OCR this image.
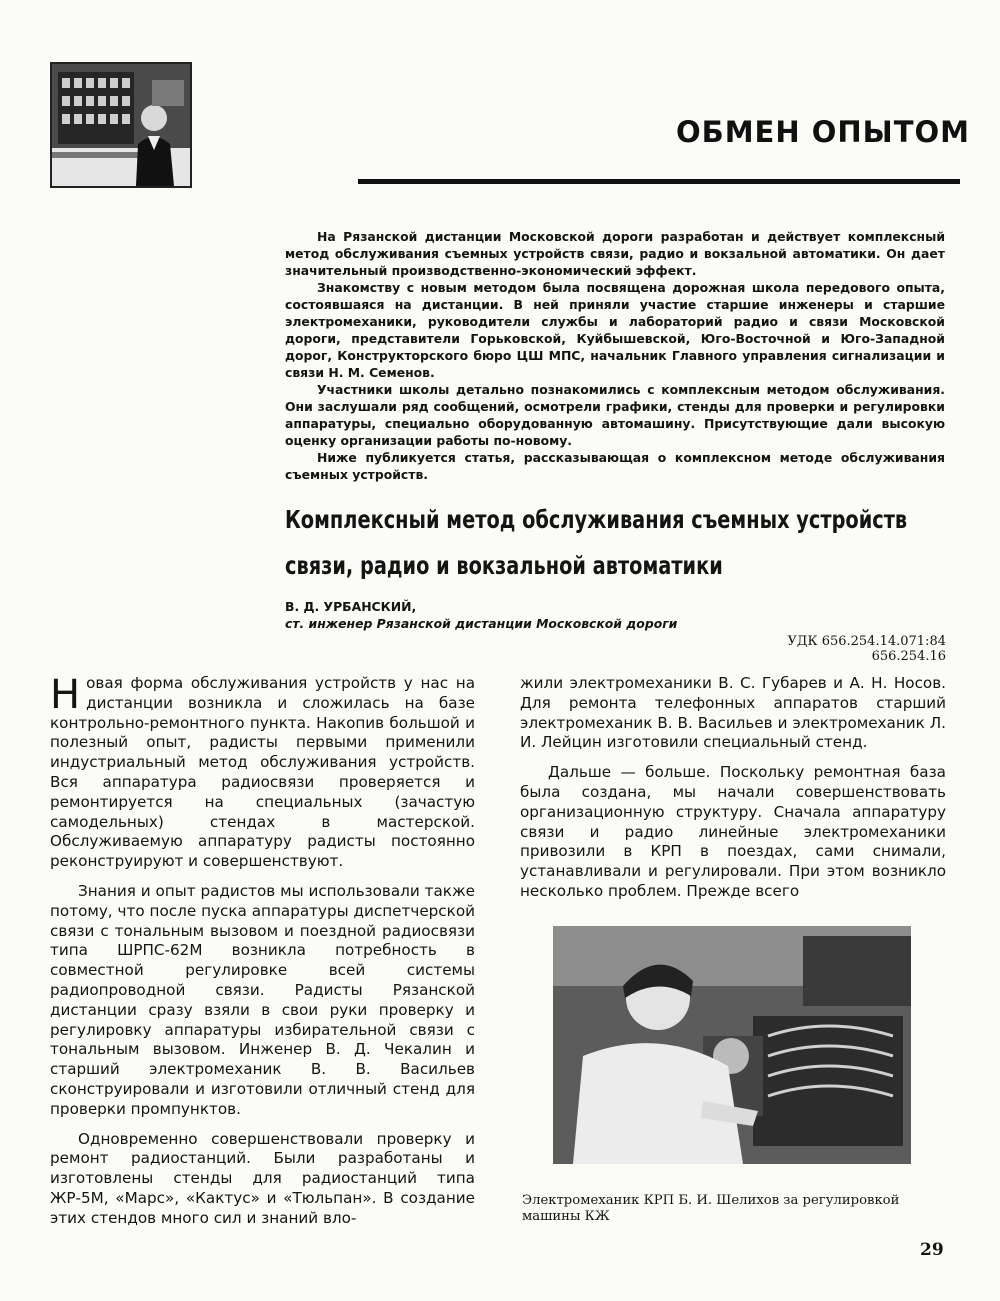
ОБМЕН ОПЫТОМ

На Рязанской дистанции Московской дороги разработан и действует комплексный метод обслуживания съемных устройств связи, радио и вокзальной автоматики. Он дает значительный производственно-экономический эффект.

Знакомству с новым методом была посвящена дорожная школа передового опыта, состоявшаяся на дистанции. В ней приняли участие старшие инженеры и старшие электромеханики, руководители службы и лабораторий радио и связи Московской дороги, представители Горьковской, Куйбышевской, Юго-Восточной и Юго-Западной дорог, Конструкторского бюро ЦШ МПС, начальник Главного управления сигнализации и связи Н. М. Семенов.

Участники школы детально познакомились с комплексным методом обслуживания. Они заслушали ряд сообщений, осмотрели графики, стенды для проверки и регулировки аппаратуры, специально оборудованную автомашину. Присутствующие дали высокую оценку организации работы по-новому.

Ниже публикуется статья, рассказывающая о комплексном методе обслуживания съемных устройств.

Комплексный метод обслуживания съемных устройств
связи, радио и вокзальной автоматики
В. Д. УРБАНСКИЙ,
ст. инженер Рязанской дистанции Московской дороги
УДК 656.254.14.071:84
656.254.16

Новая форма обслуживания устройств у нас на дистанции возникла и сложилась на базе контрольно-ремонтного пункта. Накопив большой и полезный опыт, радисты первыми применили индустриальный метод обслуживания устройств. Вся аппаратура радиосвязи проверяется и ремонтируется на специальных (зачастую самодельных) стендах в мастерской. Обслуживаемую аппаратуру радисты постоянно реконструируют и совершенствуют.

Знания и опыт радистов мы использовали также потому, что после пуска аппаратуры диспетчерской связи с тональным вызовом и поездной радиосвязи типа ШРПС-62М возникла потребность в совместной регулировке всей системы радиопроводной связи. Радисты Рязанской дистанции сразу взяли в свои руки проверку и регулировку аппаратуры избирательной связи с тональным вызовом. Инженер В. Д. Чекалин и старший электромеханик В. В. Васильев сконструировали и изготовили отличный стенд для проверки промпунктов.

Одновременно совершенствовали проверку и ремонт радиостанций. Были разработаны и изготовлены стенды для радиостанций типа ЖР-5М, «Марс», «Кактус» и «Тюльпан». В создание этих стендов много сил и знаний вло-

жили электромеханики В. С. Губарев и А. Н. Носов. Для ремонта телефонных аппаратов старший электромеханик В. В. Васильев и электромеханик Л. И. Лейцин изготовили специальный стенд.

Дальше — больше. Поскольку ремонтная база была создана, мы начали совершенствовать организационную структуру. Сначала аппаратуру связи и радио линейные электромеханики привозили в КРП в поездах, сами снимали, устанавливали и регулировали. При этом возникло несколько проблем. Прежде всего

Электромеханик КРП Б. И. Шелихов за регулировкой машины КЖ
29
